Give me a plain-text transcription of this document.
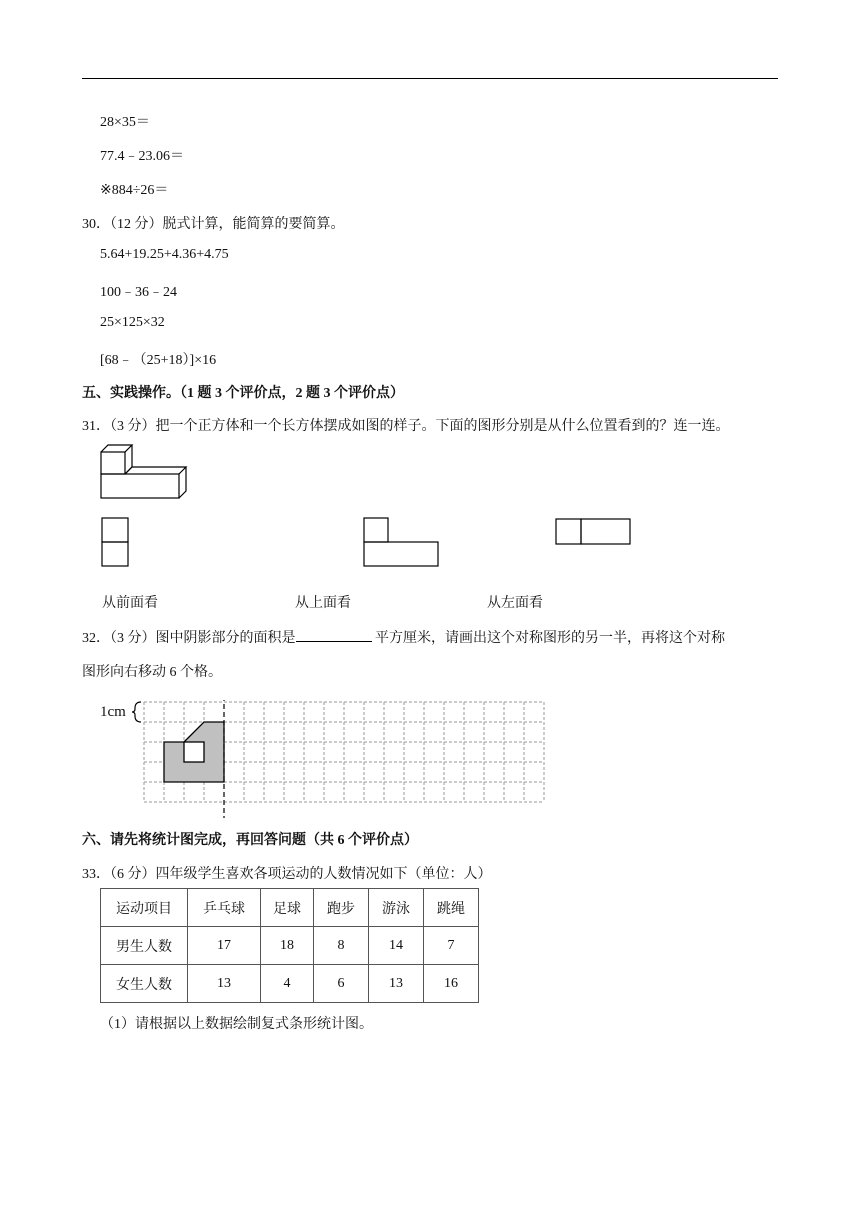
28×35＝
77.4﹣23.06＝
※884÷26＝
30．（12 分）脱式计算，能简算的要简算。
5.64+19.25+4.36+4.75
100﹣36﹣24
25×125×32
[68﹣（25+18）]×16
五、实践操作。（1 题 3 个评价点，2 题 3 个评价点）
31．（3 分）把一个正方体和一个长方体摆成如图的样子。下面的图形分别是从什么位置看到的？连一连。
从前面看	从上面看	从左面看
32．（3 分）图中阴影部分的面积是	平方厘米，请画出这个对称图形的另一半，再将这个对称
图形向右移动 6 个格。
1cm
六、请先将统计图完成，再回答问题（共 6 个评价点）
33．（6 分）四年级学生喜欢各项运动的人数情况如下（单位：人）
运动项目	乒乓球	足球	跑步	游泳	跳绳
男生人数	17	18	8	14	7
女生人数	13	4	6	13	16
（1）请根据以上数据绘制复式条形统计图。
